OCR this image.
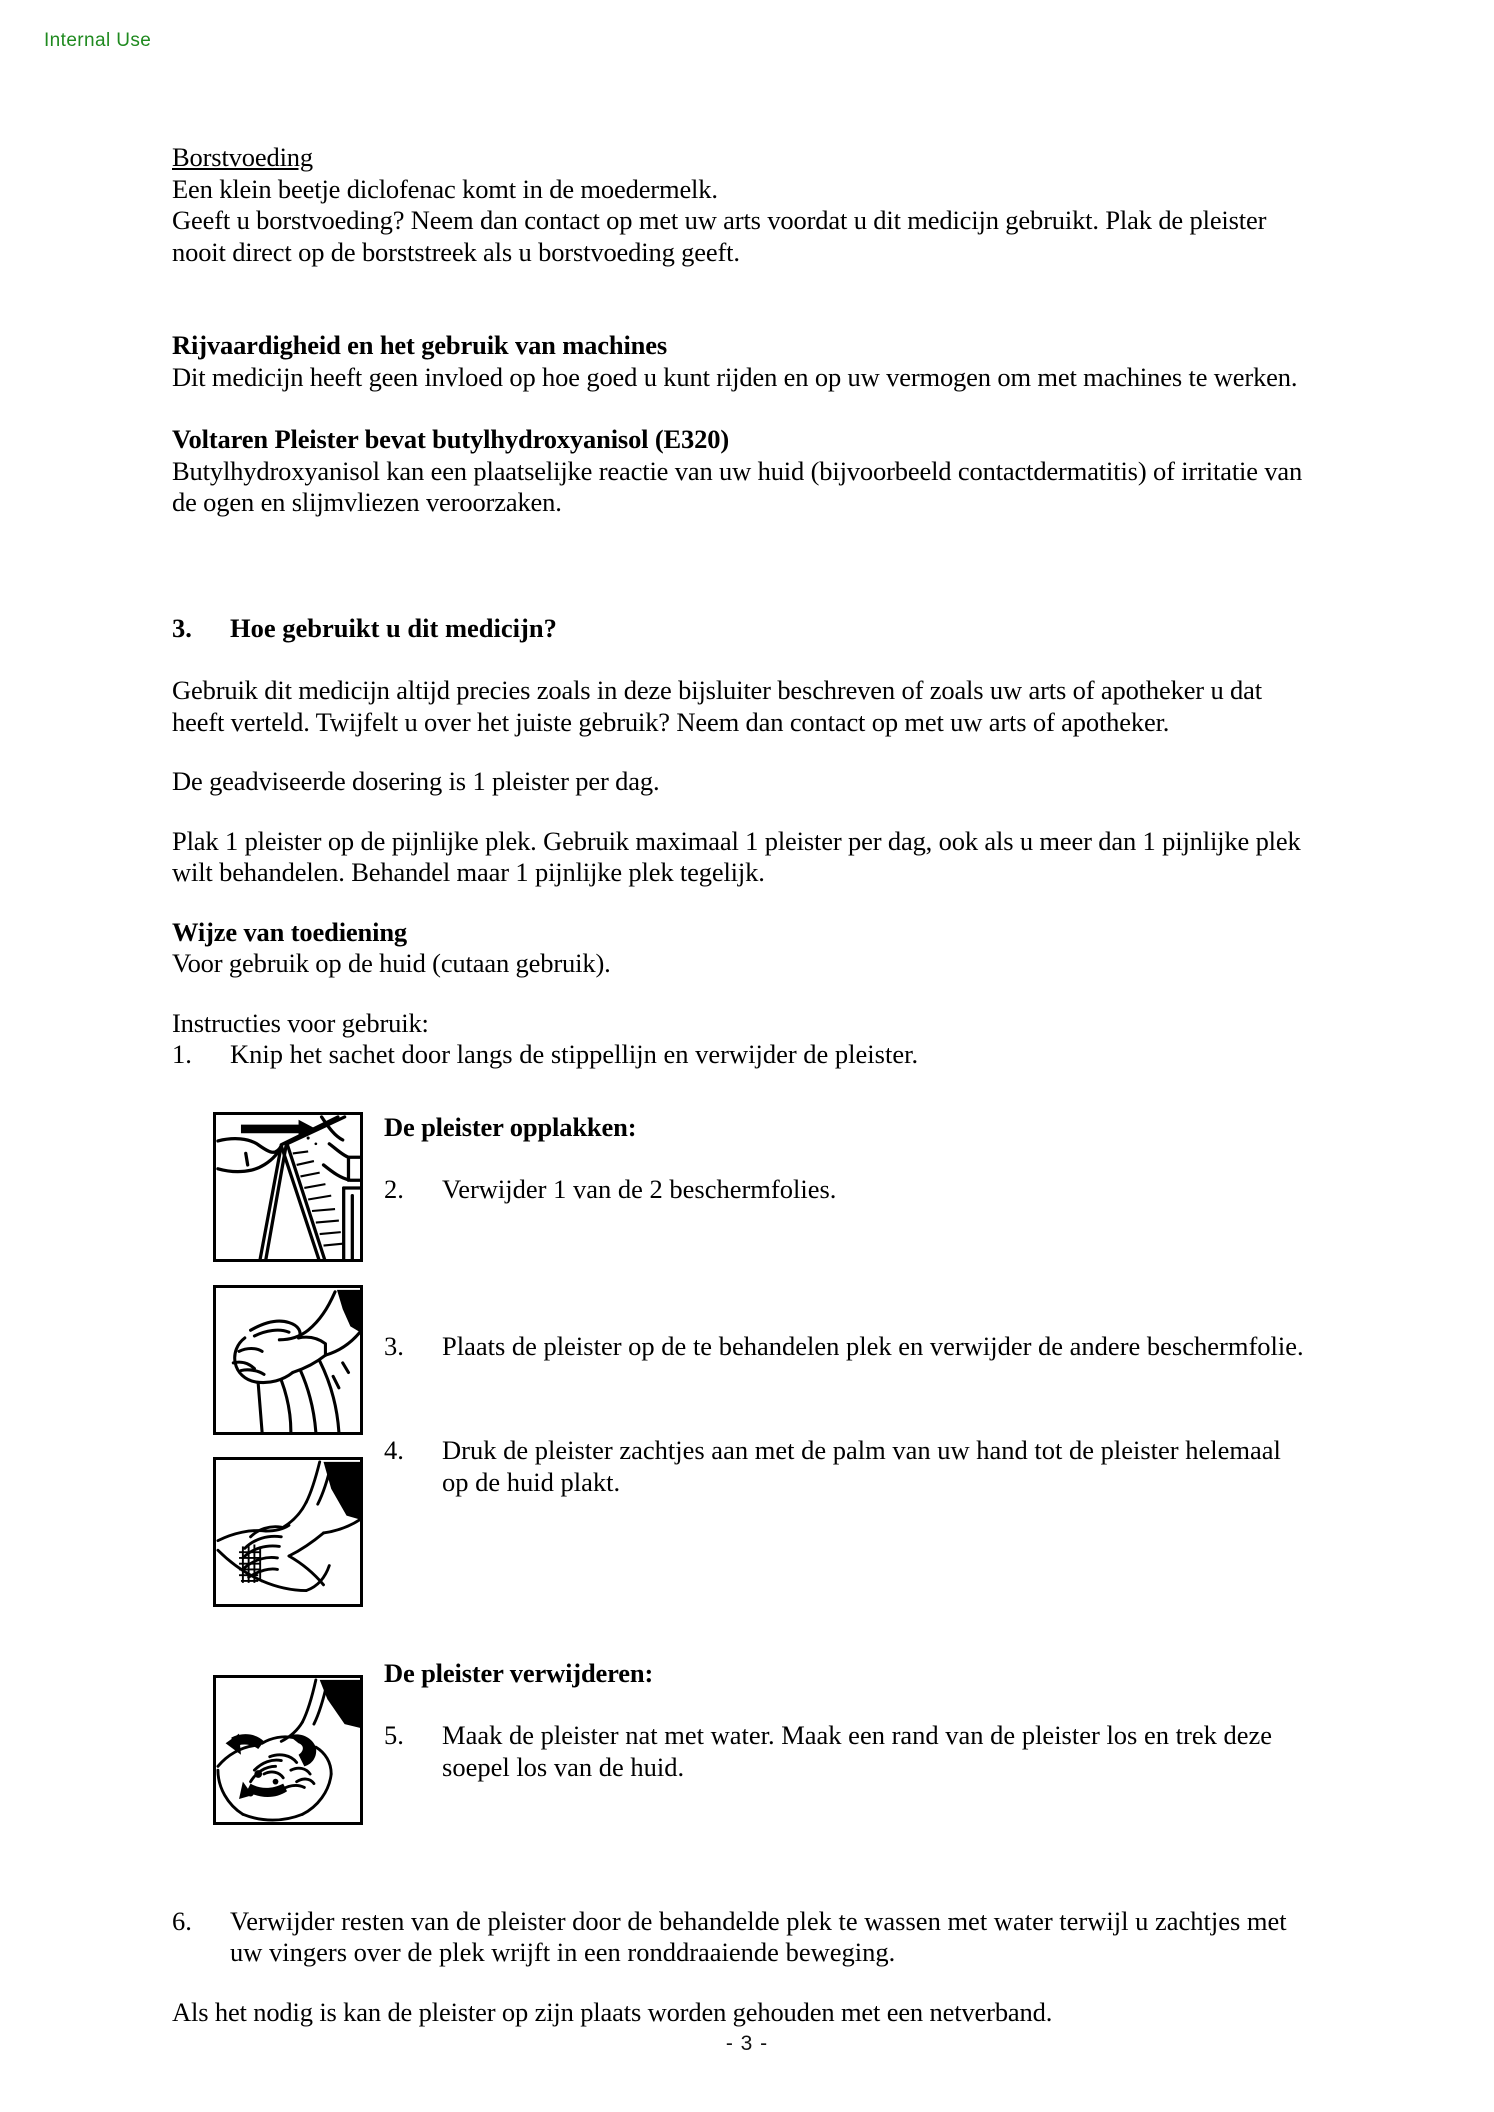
Internal Use
Borstvoeding
Een klein beetje diclofenac komt in de moedermelk.
Geeft u borstvoeding? Neem dan contact op met uw arts voordat u dit medicijn gebruikt. Plak de pleister nooit direct op de borststreek als u borstvoeding geeft.
Rijvaardigheid en het gebruik van machines
Dit medicijn heeft geen invloed op hoe goed u kunt rijden en op uw vermogen om met machines te werken.
Voltaren Pleister bevat butylhydroxyanisol (E320)
Butylhydroxyanisol kan een plaatselijke reactie van uw huid (bijvoorbeeld contactdermatitis) of irritatie van de ogen en slijmvliezen veroorzaken.
3.	Hoe gebruikt u dit medicijn?
Gebruik dit medicijn altijd precies zoals in deze bijsluiter beschreven of zoals uw arts of apotheker u dat heeft verteld. Twijfelt u over het juiste gebruik? Neem dan contact op met uw arts of apotheker.
De geadviseerde dosering is 1 pleister per dag.
Plak 1 pleister op de pijnlijke plek. Gebruik maximaal 1 pleister per dag, ook als u meer dan 1 pijnlijke plek wilt behandelen. Behandel maar 1 pijnlijke plek tegelijk.
Wijze van toediening
Voor gebruik op de huid (cutaan gebruik).
Instructies voor gebruik:
1.	Knip het sachet door langs de stippellijn en verwijder de pleister.
De pleister opplakken:
2.	Verwijder 1 van de 2 beschermfolies.
3.	Plaats de pleister op de te behandelen plek en verwijder de andere beschermfolie.
4.	Druk de pleister zachtjes aan met de palm van uw hand tot de pleister helemaal op de huid plakt.
De pleister verwijderen:
5.	Maak de pleister nat met water. Maak een rand van de pleister los en trek deze soepel los van de huid.
6.	Verwijder resten van de pleister door de behandelde plek te wassen met water terwijl u zachtjes met uw vingers over de plek wrijft in een ronddraaiende beweging.
Als het nodig is kan de pleister op zijn plaats worden gehouden met een netverband.
- 3 -
